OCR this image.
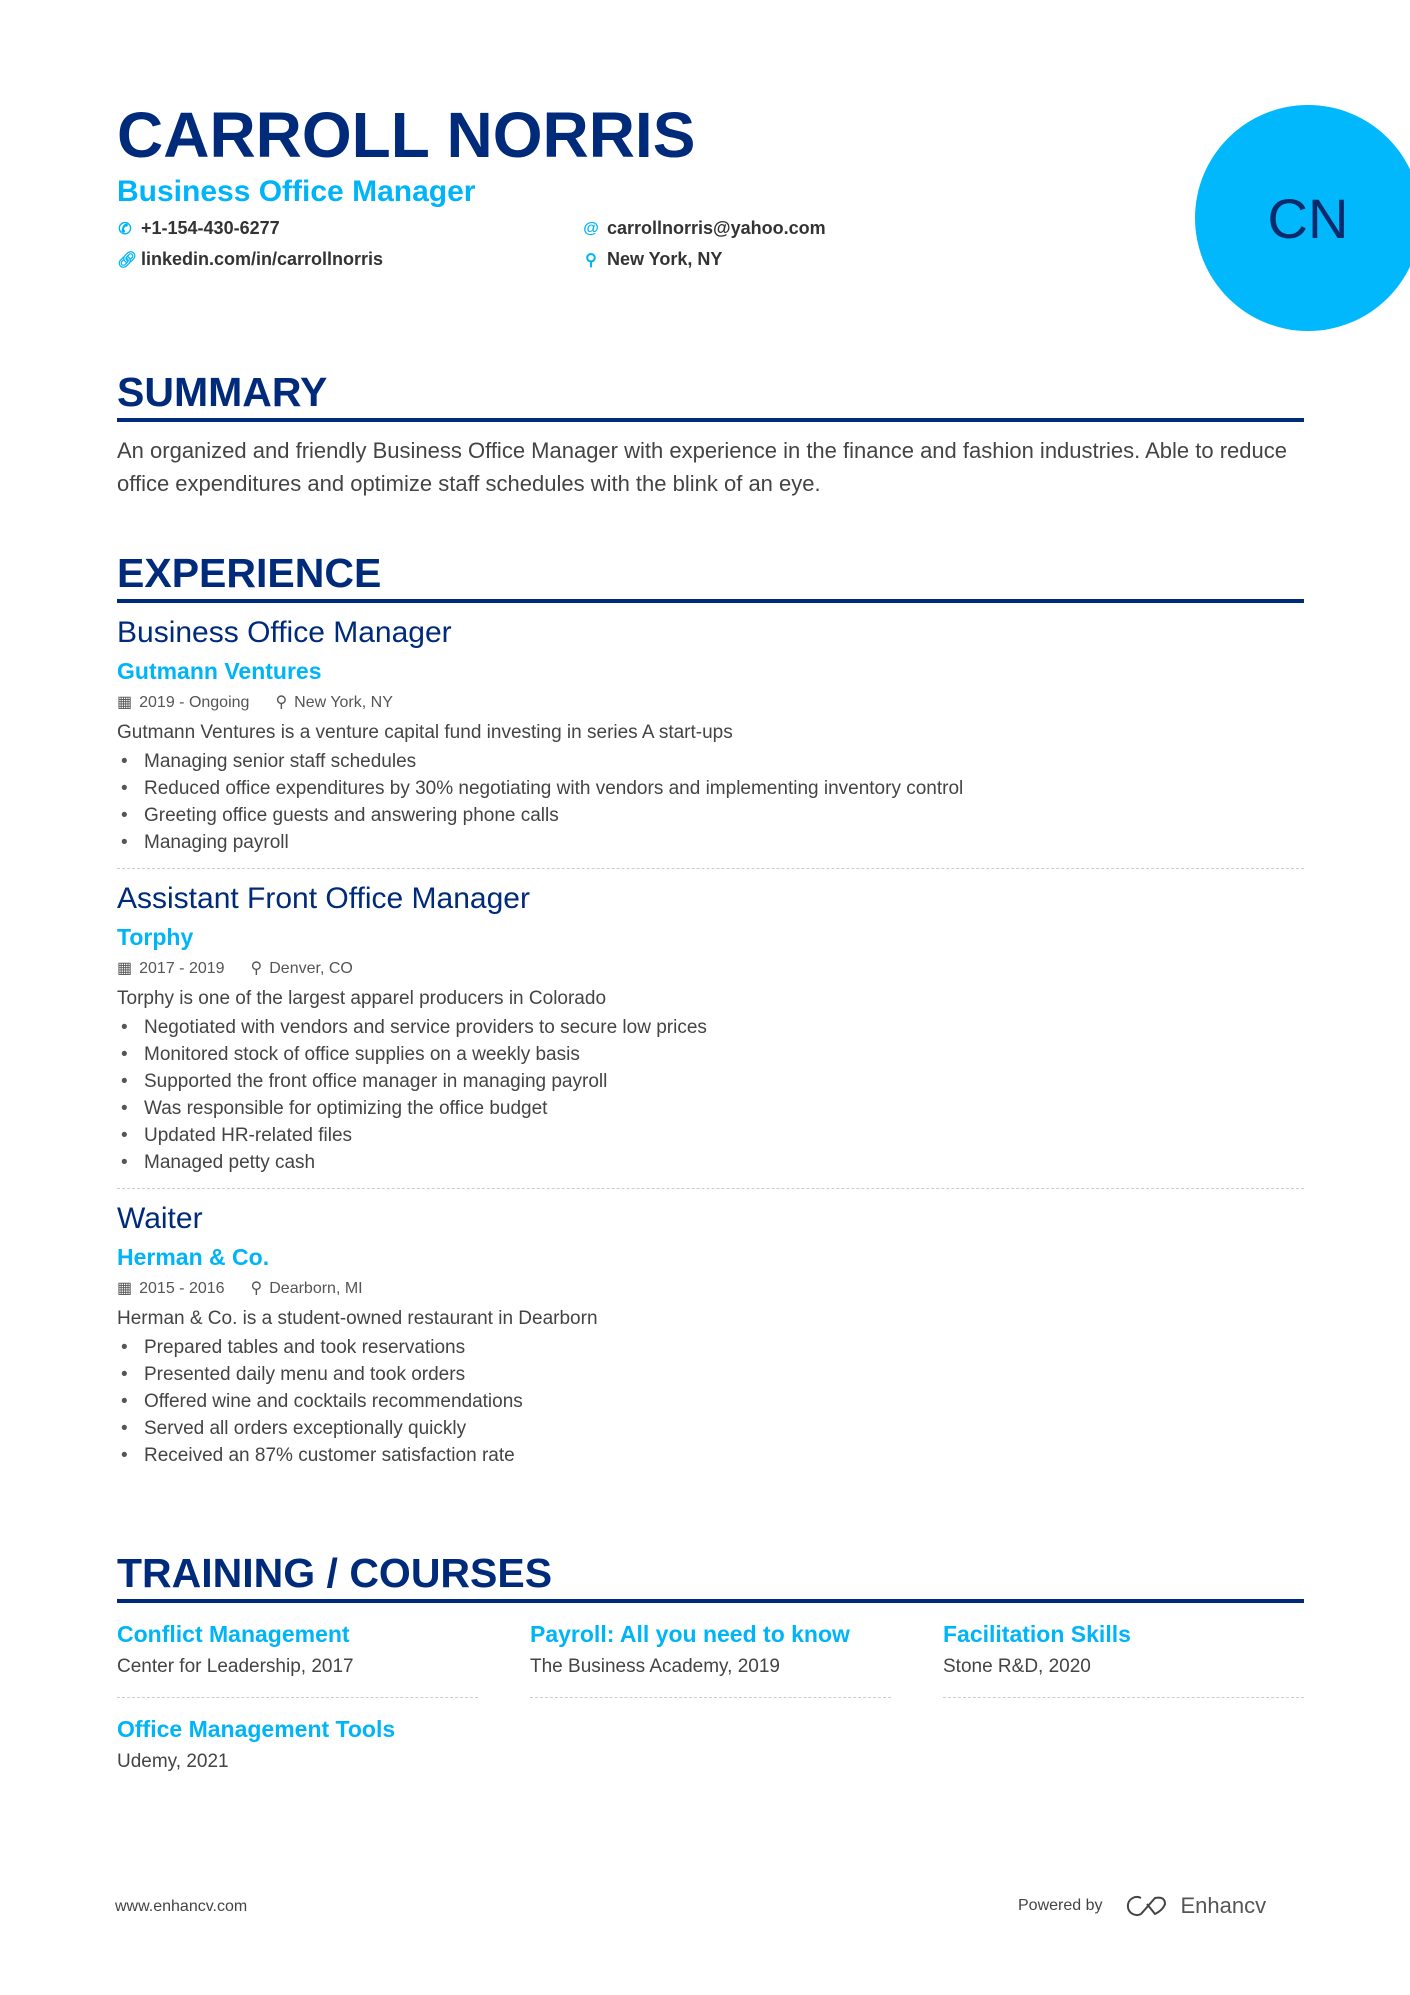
CARROLL NORRIS
Business Office Manager
✆ +1-154-430-6277	@ carrollnorris@yahoo.com
🔗︎ linkedin.com/in/carrollnorris	⚲ New York, NY
CN
SUMMARY

An organized and friendly Business Office Manager with experience in the finance and fashion industries. Able to reduce office expenditures and optimize staff schedules with the blink of an eye.

EXPERIENCE
Business Office Manager
Gutmann Ventures
▦ 2019 - Ongoing ⚲ New York, NY
Gutmann Ventures is a venture capital fund investing in series A start-ups
• Managing senior staff schedules
• Reduced office expenditures by 30% negotiating with vendors and implementing inventory control
• Greeting office guests and answering phone calls
• Managing payroll
Assistant Front Office Manager
Torphy
▦ 2017 - 2019 ⚲ Denver, CO
Torphy is one of the largest apparel producers in Colorado
• Negotiated with vendors and service providers to secure low prices
• Monitored stock of office supplies on a weekly basis
• Supported the front office manager in managing payroll
• Was responsible for optimizing the office budget
• Updated HR-related files
• Managed petty cash
Waiter
Herman & Co.
▦ 2015 - 2016 ⚲ Dearborn, MI
Herman & Co. is a student-owned restaurant in Dearborn
• Prepared tables and took reservations
• Presented daily menu and took orders
• Offered wine and cocktails recommendations
• Served all orders exceptionally quickly
• Received an 87% customer satisfaction rate
TRAINING / COURSES
Conflict Management
Center for Leadership, 2017
Payroll: All you need to know
The Business Academy, 2019
Facilitation Skills
Stone R&D, 2020
Office Management Tools
Udemy, 2021
www.enhancv.com	Powered by	Enhancv
